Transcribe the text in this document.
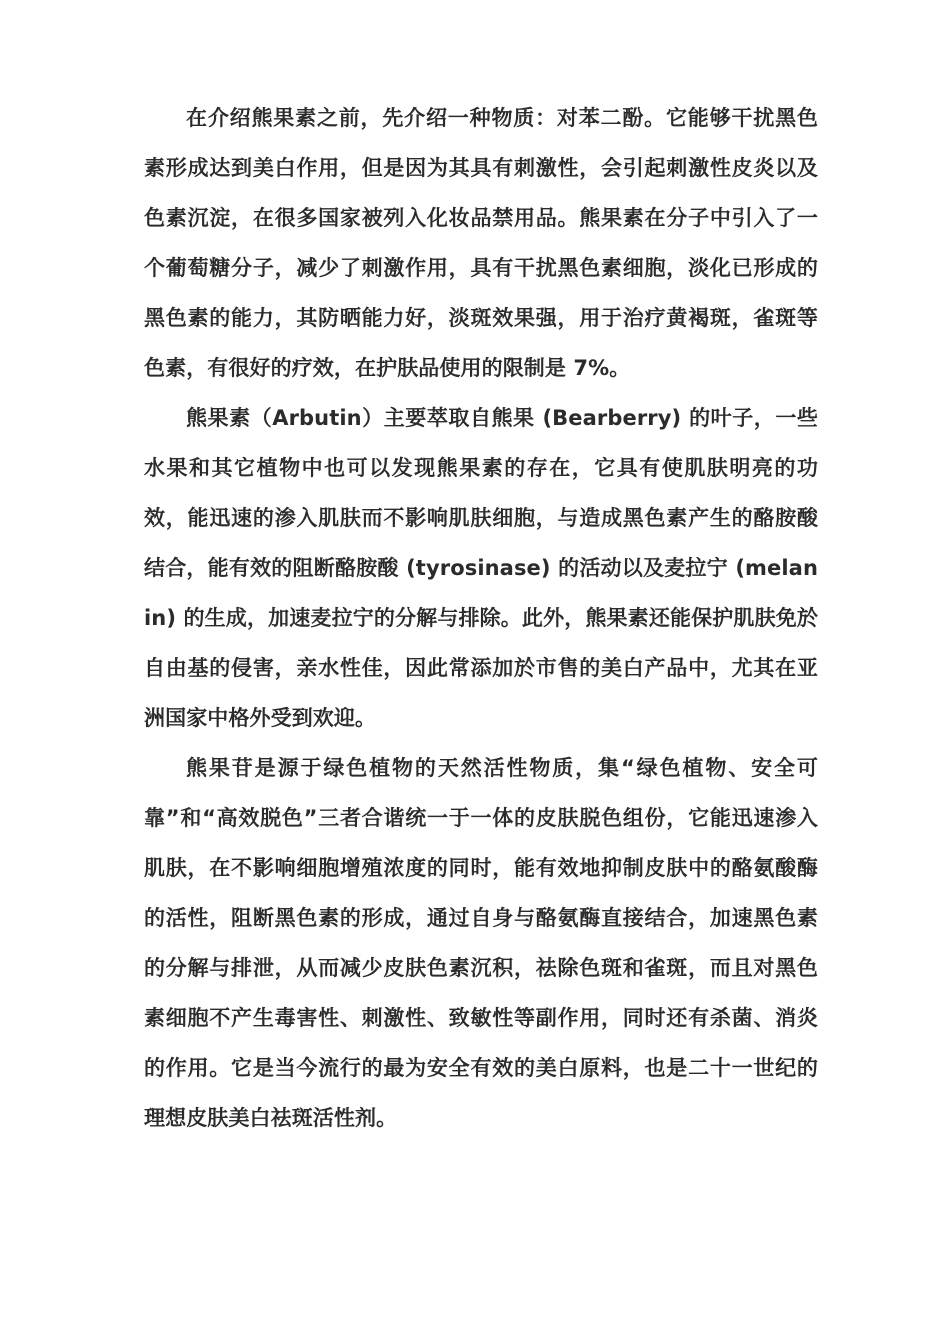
在介绍熊果素之前，先介绍一种物质：对苯二酚。它能够干扰黑色素形成达到美白作用，但是因为其具有刺激性，会引起刺激性皮炎以及色素沉淀，在很多国家被列入化妆品禁用品。熊果素在分子中引入了一个葡萄糖分子，减少了刺激作用，具有干扰黑色素细胞，淡化已形成的黑色素的能力，其防晒能力好，淡斑效果强，用于治疗黄褐斑，雀斑等色素，有很好的疗效，在护肤品使用的限制是 7%。

熊果素（Arbutin）主要萃取自熊果 (Bearberry) 的叶子，一些水果和其它植物中也可以发现熊果素的存在，它具有使肌肤明亮的功效，能迅速的渗入肌肤而不影响肌肤细胞，与造成黑色素产生的酪胺酸结合，能有效的阻断酪胺酸 (tyrosinase) 的活动以及麦拉宁 (melanin) 的生成，加速麦拉宁的分解与排除。此外，熊果素还能保护肌肤免於自由基的侵害，亲水性佳，因此常添加於市售的美白产品中，尤其在亚洲国家中格外受到欢迎。

熊果苷是源于绿色植物的天然活性物质，集“绿色植物、安全可靠”和“高效脱色”三者合谐统一于一体的皮肤脱色组份，它能迅速渗入肌肤，在不影响细胞增殖浓度的同时，能有效地抑制皮肤中的酪氨酸酶的活性，阻断黑色素的形成，通过自身与酪氨酶直接结合，加速黑色素的分解与排泄，从而减少皮肤色素沉积，祛除色斑和雀斑，而且对黑色素细胞不产生毒害性、刺激性、致敏性等副作用，同时还有杀菌、消炎的作用。它是当今流行的最为安全有效的美白原料，也是二十一世纪的理想皮肤美白祛斑活性剂。
